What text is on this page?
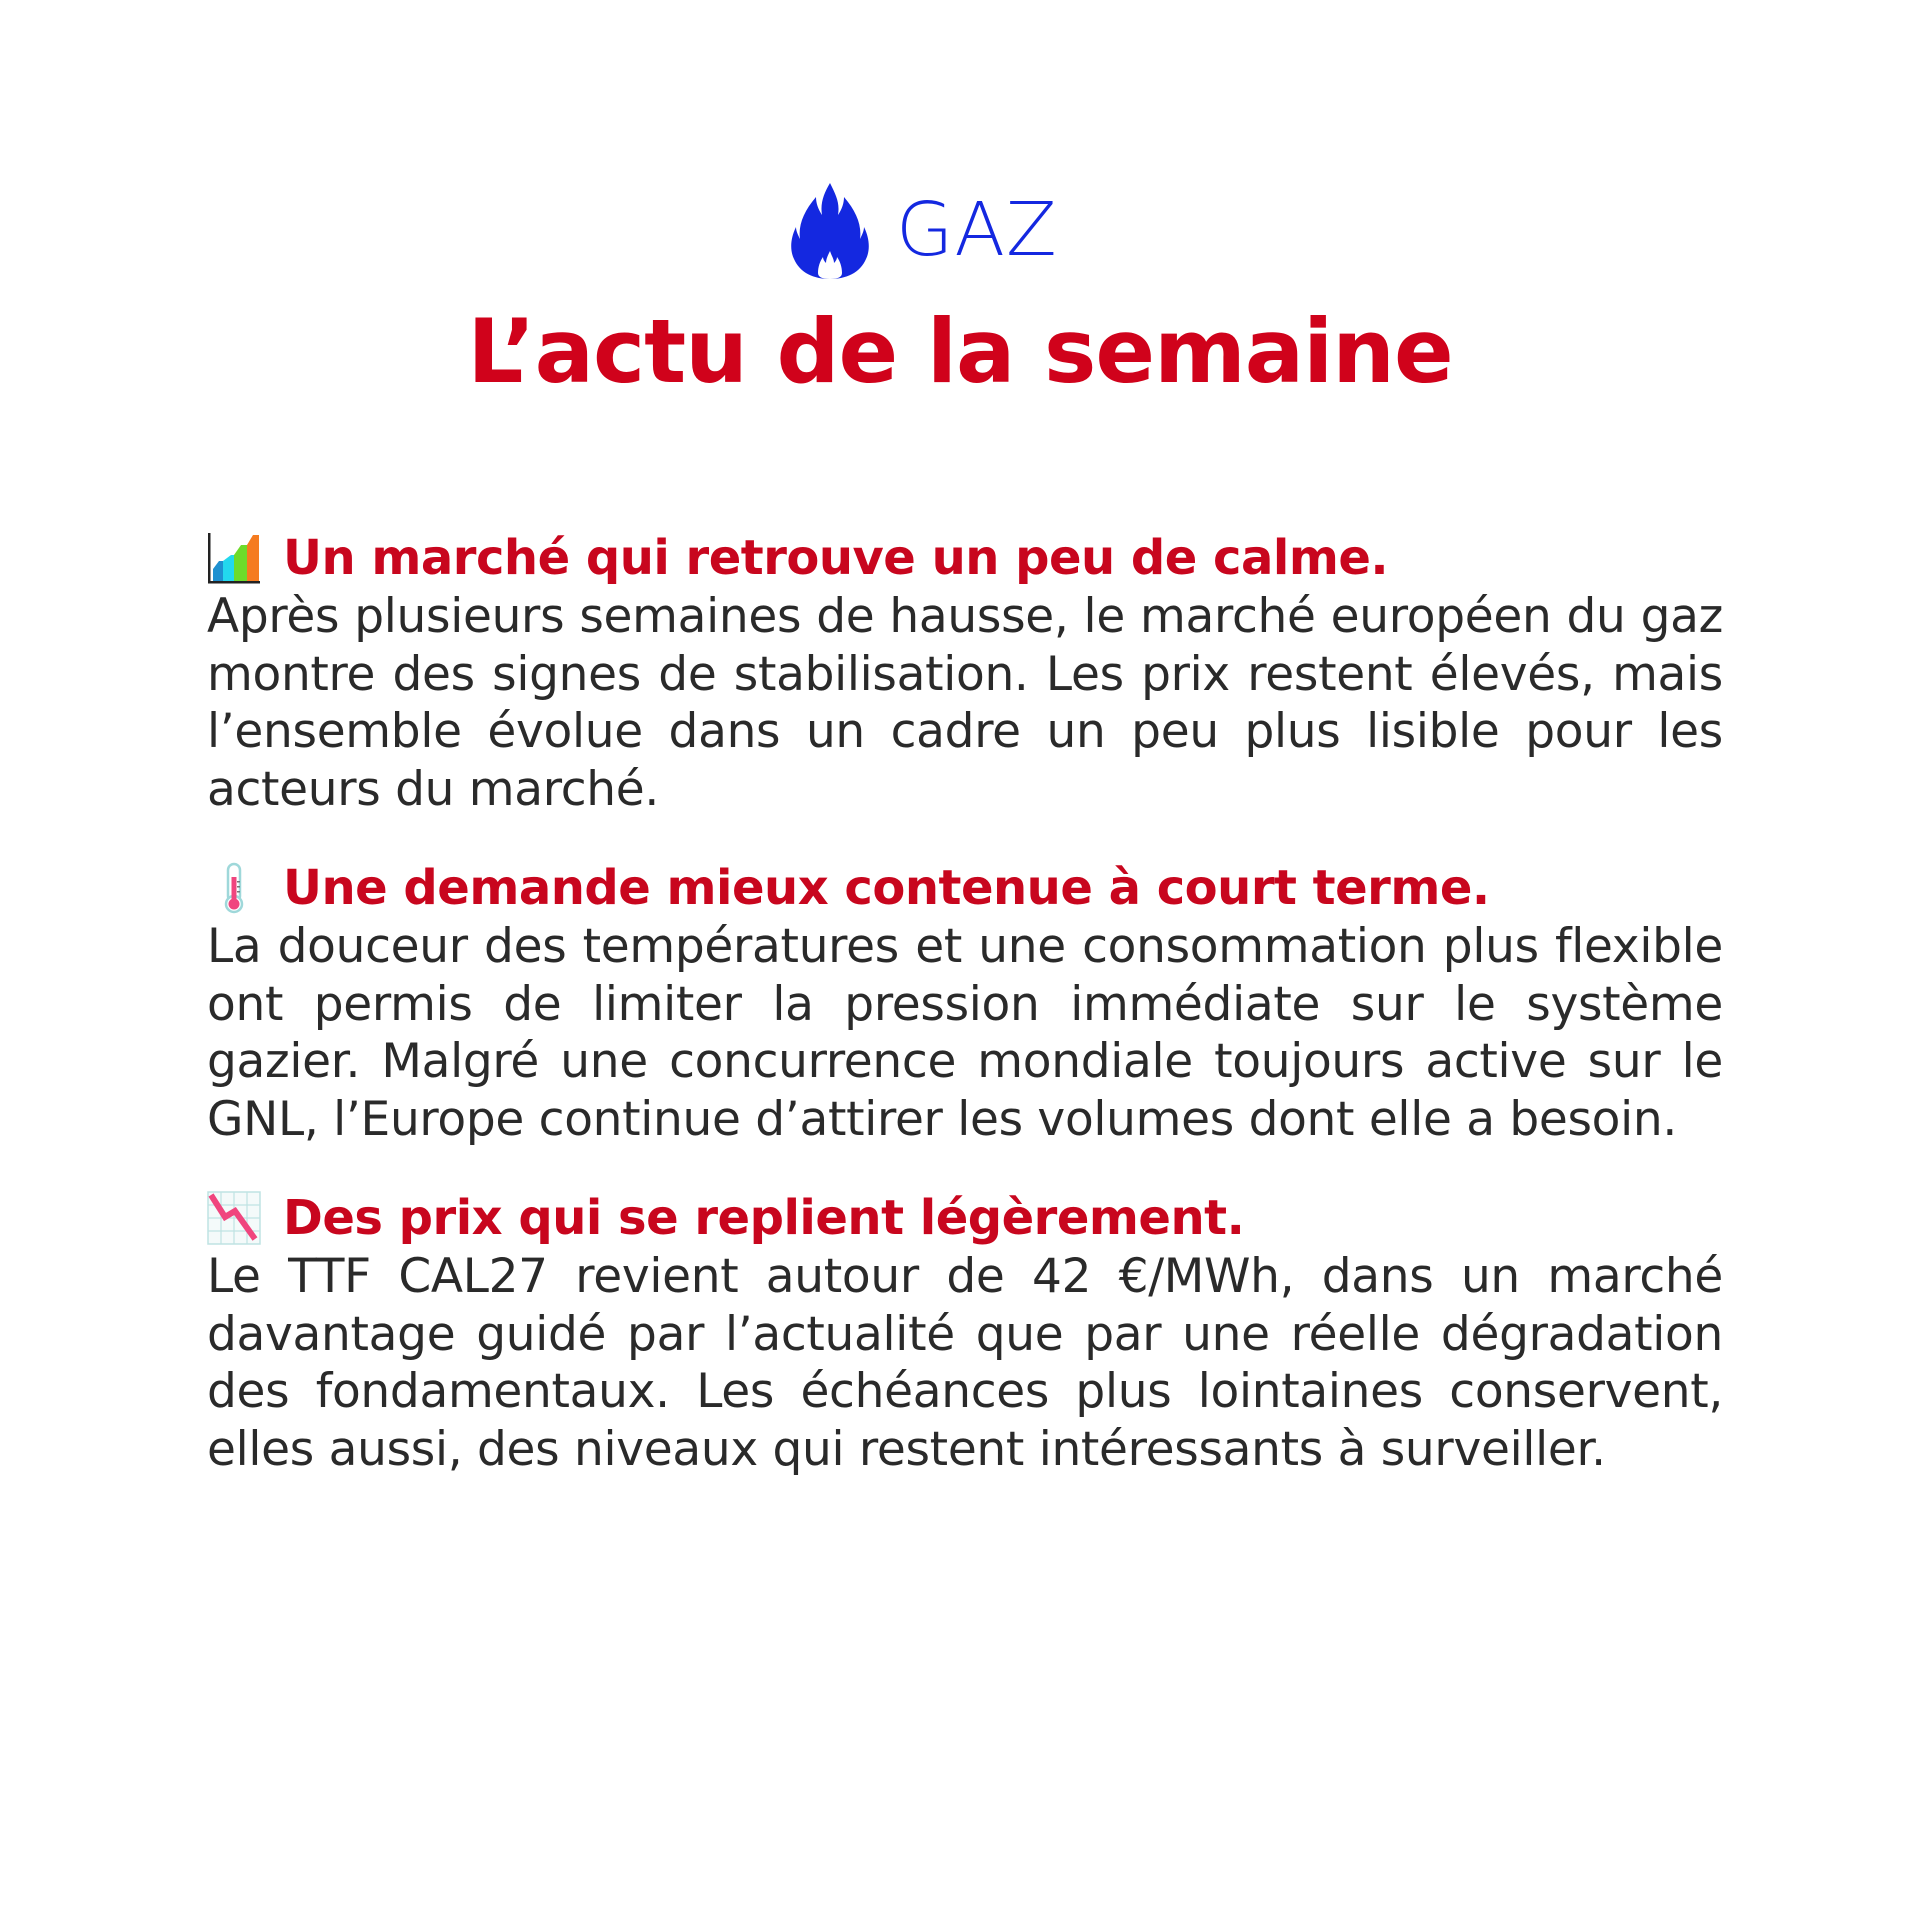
GAZ
L’actu de la semaine
Un marché qui retrouve un peu de calme.

Après plusieurs semaines de hausse, le marché européen du gaz montre des signes de stabilisation. Les prix restent élevés, mais l’ensemble évolue dans un cadre un peu plus lisible pour les acteurs du marché.

Une demande mieux contenue à court terme.

La douceur des températures et une consommation plus flexible ont permis de limiter la pression immédiate sur le système gazier. Malgré une concurrence mondiale toujours active sur le GNL, l’Europe continue d’attirer les volumes dont elle a besoin.

Des prix qui se replient légèrement.

Le TTF CAL27 revient autour de 42 €/MWh, dans un marché davantage guidé par l’actualité que par une réelle dégradation des fondamentaux. Les échéances plus lointaines conservent, elles aussi, des niveaux qui restent intéressants à surveiller.
